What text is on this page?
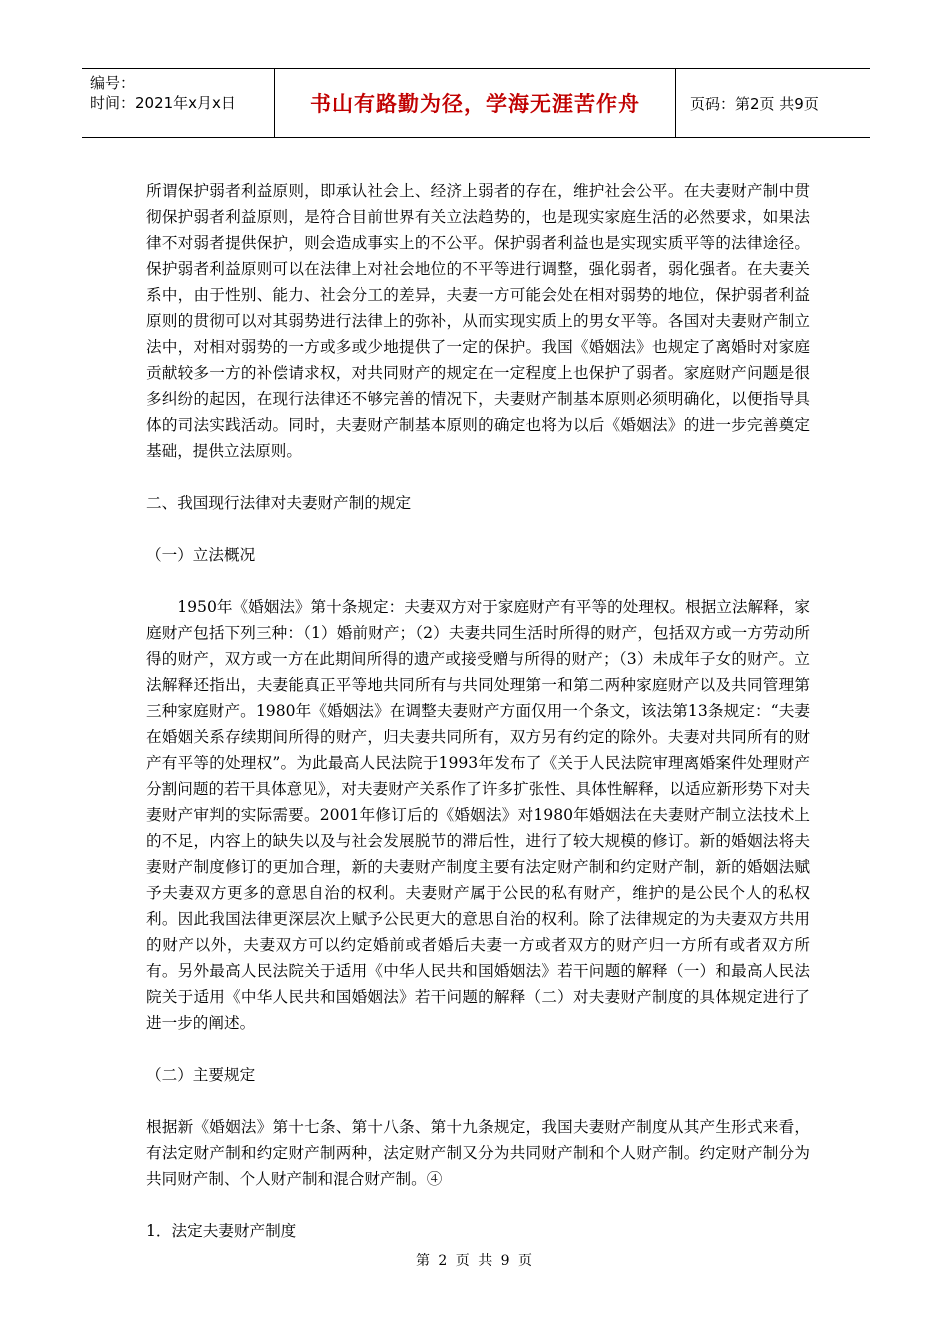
编号：
时间：2021年x月x日	书山有路勤为径，学海无涯苦作舟	页码：第2页 共9页

所谓保护弱者利益原则，即承认社会上、经济上弱者的存在，维护社会公平。在夫妻财产制中贯彻保护弱者利益原则，是符合目前世界有关立法趋势的，也是现实家庭生活的必然要求，如果法律不对弱者提供保护，则会造成事实上的不公平。保护弱者利益也是实现实质平等的法律途径。保护弱者利益原则可以在法律上对社会地位的不平等进行调整，强化弱者，弱化强者。在夫妻关系中，由于性别、能力、社会分工的差异，夫妻一方可能会处在相对弱势的地位，保护弱者利益原则的贯彻可以对其弱势进行法律上的弥补，从而实现实质上的男女平等。各国对夫妻财产制立法中，对相对弱势的一方或多或少地提供了一定的保护。我国《婚姻法》也规定了离婚时对家庭贡献较多一方的补偿请求权，对共同财产的规定在一定程度上也保护了弱者。家庭财产问题是很多纠纷的起因，在现行法律还不够完善的情况下，夫妻财产制基本原则必须明确化，以便指导具体的司法实践活动。同时，夫妻财产制基本原则的确定也将为以后《婚姻法》的进一步完善奠定基础，提供立法原则。

二、我国现行法律对夫妻财产制的规定

（一）立法概况

1950年《婚姻法》第十条规定：夫妻双方对于家庭财产有平等的处理权。根据立法解释，家庭财产包括下列三种：（1）婚前财产；（2）夫妻共同生活时所得的财产，包括双方或一方劳动所得的财产，双方或一方在此期间所得的遗产或接受赠与所得的财产；（3）未成年子女的财产。立法解释还指出，夫妻能真正平等地共同所有与共同处理第一和第二两种家庭财产以及共同管理第三种家庭财产。1980年《婚姻法》在调整夫妻财产方面仅用一个条文，该法第13条规定：“夫妻在婚姻关系存续期间所得的财产，归夫妻共同所有，双方另有约定的除外。夫妻对共同所有的财产有平等的处理权”。为此最高人民法院于1993年发布了《关于人民法院审理离婚案件处理财产分割问题的若干具体意见》，对夫妻财产关系作了许多扩张性、具体性解释，以适应新形势下对夫妻财产审判的实际需要。2001年修订后的《婚姻法》对1980年婚姻法在夫妻财产制立法技术上的不足，内容上的缺失以及与社会发展脱节的滞后性，进行了较大规模的修订。新的婚姻法将夫妻财产制度修订的更加合理，新的夫妻财产制度主要有法定财产制和约定财产制，新的婚姻法赋予夫妻双方更多的意思自治的权利。夫妻财产属于公民的私有财产，维护的是公民个人的私权利。因此我国法律更深层次上赋予公民更大的意思自治的权利。除了法律规定的为夫妻双方共用的财产以外，夫妻双方可以约定婚前或者婚后夫妻一方或者双方的财产归一方所有或者双方所有。另外最高人民法院关于适用《中华人民共和国婚姻法》若干问题的解释（一）和最高人民法院关于适用《中华人民共和国婚姻法》若干问题的解释（二）对夫妻财产制度的具体规定进行了进一步的阐述。

（二）主要规定

根据新《婚姻法》第十七条、第十八条、第十九条规定，我国夫妻财产制度从其产生形式来看，有法定财产制和约定财产制两种，法定财产制又分为共同财产制和个人财产制。约定财产制分为共同财产制、个人财产制和混合财产制。④

1．法定夫妻财产制度

第 2 页 共 9 页
